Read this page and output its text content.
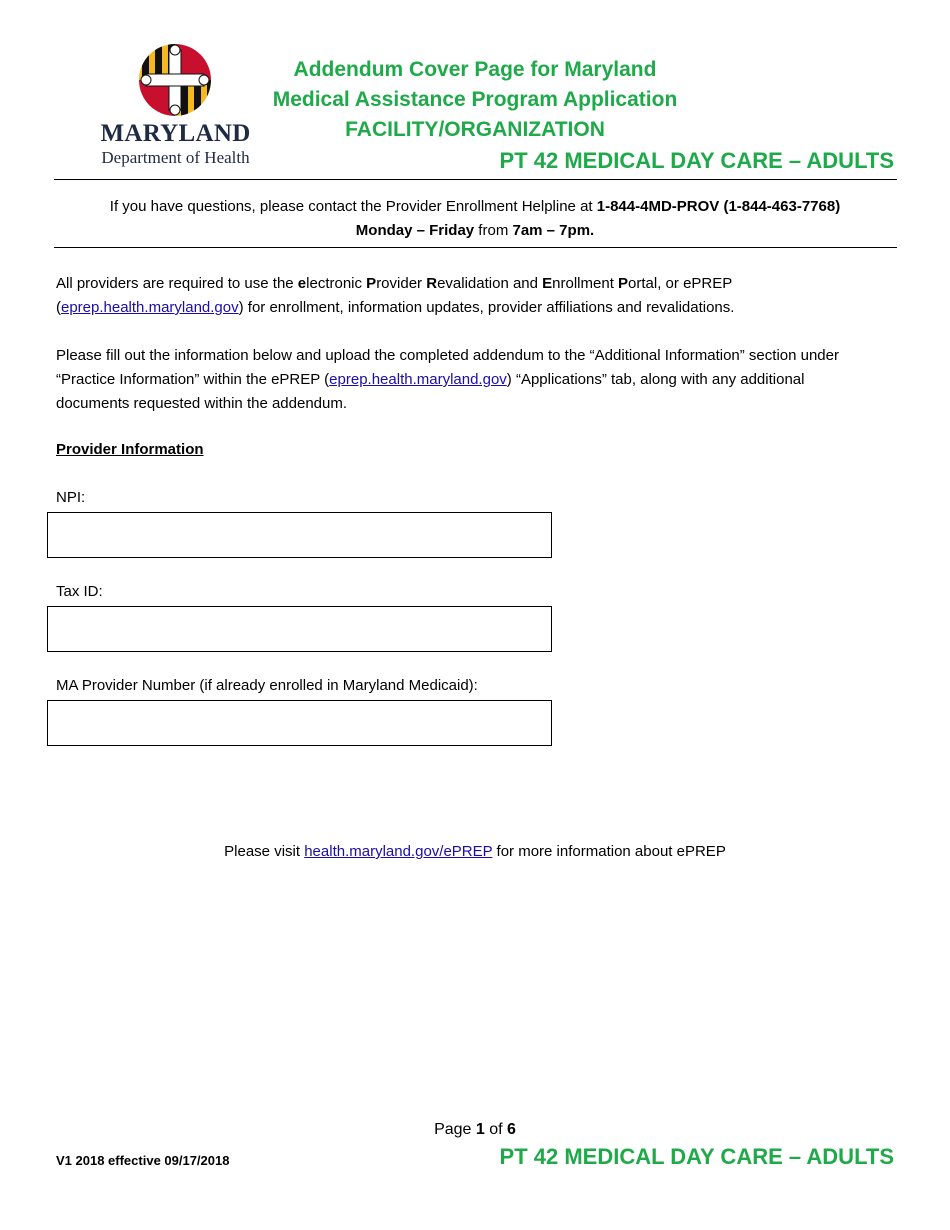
MARYLAND
Department of Health
Addendum Cover Page for Maryland
Medical Assistance Program Application
FACILITY/ORGANIZATION
PT 42 MEDICAL DAY CARE – ADULTS
If you have questions, please contact the Provider Enrollment Helpline at 1-844-4MD-PROV (1-844-463-7768)
Monday – Friday from 7am – 7pm.
All providers are required to use the electronic Provider Revalidation and Enrollment Portal, or ePREP
(eprep.health.maryland.gov) for enrollment, information updates, provider affiliations and revalidations.
Please fill out the information below and upload the completed addendum to the “Additional Information” section under “Practice Information” within the ePREP (eprep.health.maryland.gov) “Applications” tab, along with any additional documents requested within the addendum.
Provider Information
NPI:
Tax ID:
MA Provider Number (if already enrolled in Maryland Medicaid):
Please visit health.maryland.gov/ePREP for more information about ePREP
Page 1 of 6
V1 2018 effective 09/17/2018	PT 42 MEDICAL DAY CARE – ADULTS
